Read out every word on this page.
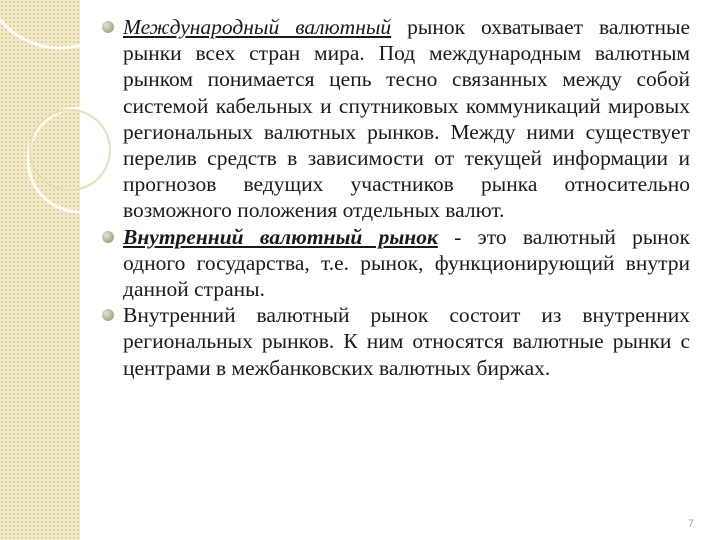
Международный валютный рынок охватывает валютные рынки всех стран мира. Под международным валютным рынком понимается цепь тесно связанных между собой системой кабельных и спутниковых коммуникаций мировых региональных валютных рынков. Между ними существует перелив средств в зависимости от текущей информации и прогнозов ведущих участников рынка относительно возможного положения отдельных валют.
Внутренний валютный рынок - это валютный рынок одного государства, т.е. рынок, функционирующий внутри данной страны.
Внутренний валютный рынок состоит из внутренних региональных рынков. К ним относятся валютные рынки с центрами в межбанковских валютных биржах.
7
